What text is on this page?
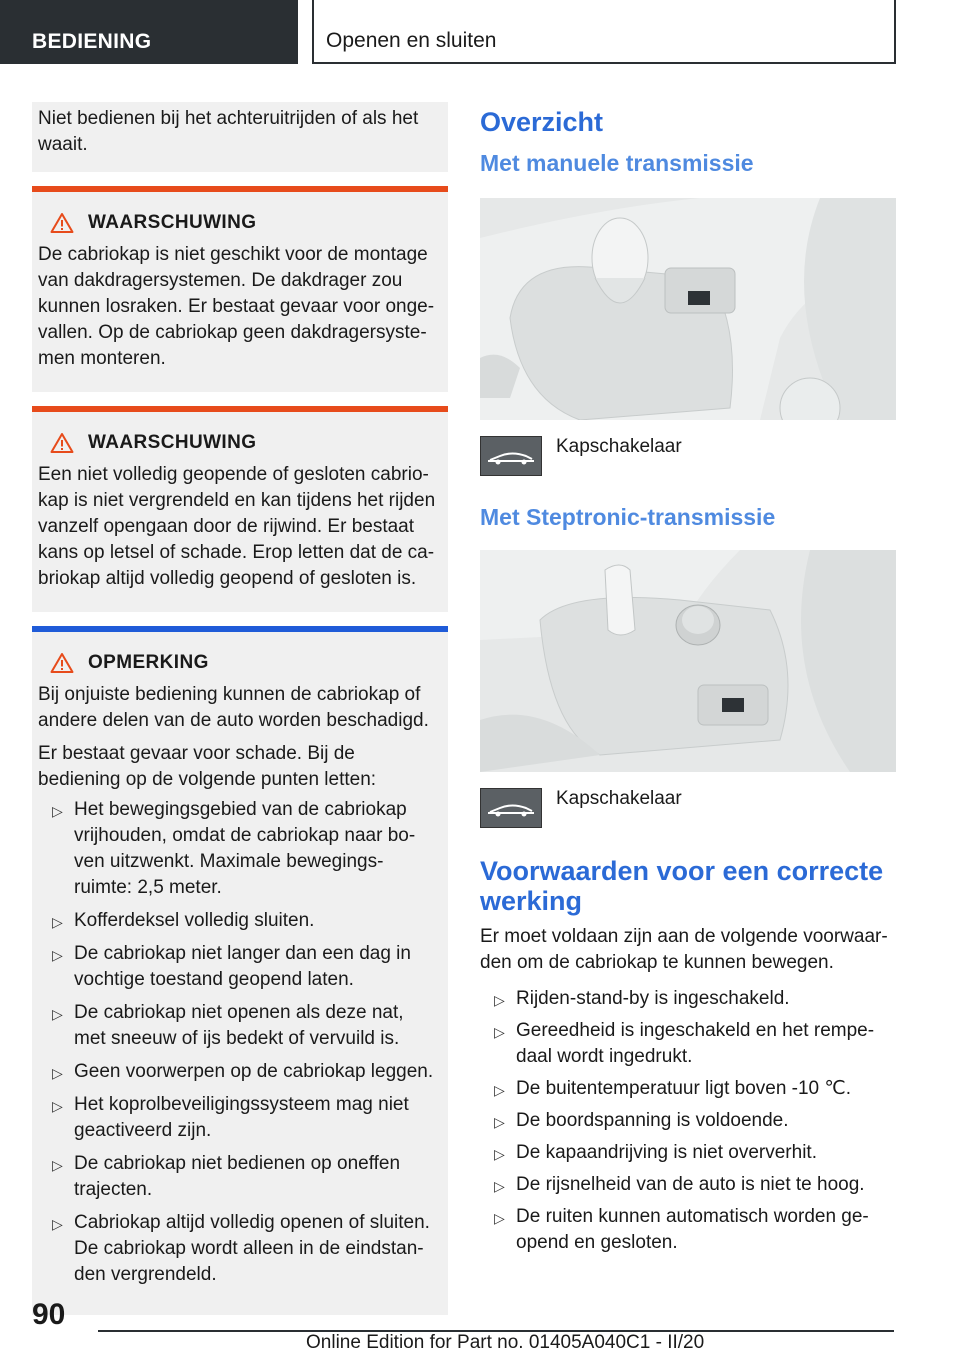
BEDIENING	Openen en sluiten

Niet bedienen bij het achteruitrijden of als het waait.

WAARSCHUWING

De cabriokap is niet geschikt voor de montage van dakdragersystemen. De dakdrager zou kunnen losraken. Er bestaat gevaar voor onge-vallen. Op de cabriokap geen dakdragersyste-men monteren.

WAARSCHUWING

Een niet volledig geopende of gesloten cabrio-kap is niet vergrendeld en kan tijdens het rijden vanzelf opengaan door de rijwind. Er bestaat kans op letsel of schade. Erop letten dat de ca-briokap altijd volledig geopend of gesloten is.

OPMERKING

Bij onjuiste bediening kunnen de cabriokap of andere delen van de auto worden beschadigd.

Er bestaat gevaar voor schade. Bij de bediening op de volgende punten letten:

▷ Het bewegingsgebied van de cabriokap vrijhouden, omdat de cabriokap naar bo-ven uitzwenkt. Maximale bewegings-ruimte: 2,5 meter.
▷ Kofferdeksel volledig sluiten.
▷ De cabriokap niet langer dan een dag in vochtige toestand geopend laten.
▷ De cabriokap niet openen als deze nat, met sneeuw of ijs bedekt of vervuild is.
▷ Geen voorwerpen op de cabriokap leggen.
▷ Het koprolbeveiligingssysteem mag niet geactiveerd zijn.
▷ De cabriokap niet bedienen op oneffen trajecten.
▷ Cabriokap altijd volledig openen of sluiten. De cabriokap wordt alleen in de eindstan-den vergrendeld.
Overzicht
Met manuele transmissie
Kapschakelaar
Met Steptronic-transmissie
Kapschakelaar
Voorwaarden voor een correcte werking

Er moet voldaan zijn aan de volgende voorwaar-den om de cabriokap te kunnen bewegen.

▷ Rijden-stand-by is ingeschakeld.
▷ Gereedheid is ingeschakeld en het rempe-daal wordt ingedrukt.
▷ De buitentemperatuur ligt boven -10 ℃.
▷ De boordspanning is voldoende.
▷ De kapaandrijving is niet oververhit.
▷ De rijsnelheid van de auto is niet te hoog.
▷ De ruiten kunnen automatisch worden ge-opend en gesloten.
90
Online Edition for Part no. 01405A040C1 - II/20
